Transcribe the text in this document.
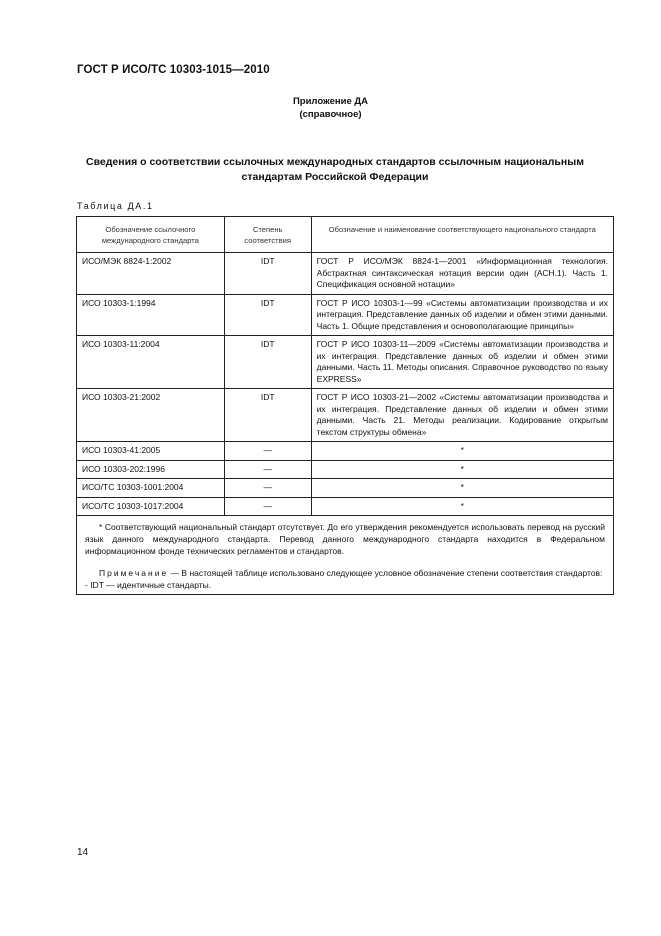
ГОСТ Р ИСО/ТС 10303-1015—2010
Приложение ДА
(справочное)
Сведения о соответствии ссылочных международных стандартов ссылочным национальным стандартам Российской Федерации
Таблица ДА.1
Обозначение ссылочного международного стандарта	Степень соответствия	Обозначение и наименование соответствующего национального стандарта
ИСО/МЭК 8824-1:2002	IDT	ГОСТ Р ИСО/МЭК 8824-1—2001 «Информационная технология. Абстрактная синтаксическая нотация версии один (АСН.1). Часть 1. Спецификация основной нотации»
ИСО 10303-1:1994	IDT	ГОСТ Р ИСО 10303-1—99 «Системы автоматизации производства и их интеграция. Представление данных об изделии и обмен этими данными. Часть 1. Общие представления и основополагающие принципы»
ИСО 10303-11:2004	IDT	ГОСТ Р ИСО 10303-11—2009 «Системы автоматизации производства и их интеграция. Представление данных об изделии и обмен этими данными. Часть 11. Методы описания. Справочное руководство по языку EXPRESS»
ИСО 10303-21:2002	IDT	ГОСТ Р ИСО 10303-21—2002 «Системы автоматизации производства и их интеграция. Представление данных об изделии и обмен этими данными. Часть 21. Методы реализации. Кодирование открытым текстом структуры обмена»
ИСО 10303-41:2005	—	*
ИСО 10303-202:1996	—	*
ИСО/ТС 10303-1001:2004	—	*
ИСО/ТС 10303-1017:2004	—	*

* Соответствующий национальный стандарт отсутствует. До его утверждения рекомендуется использовать перевод на русский язык данного международного стандарта. Перевод данного международного стандарта находится в Федеральном информационном фонде технических регламентов и стандартов.

Примечание — В настоящей таблице использовано следующее условное обозначение степени соответствия стандартов:

- IDT — идентичные стандарты.		

14
